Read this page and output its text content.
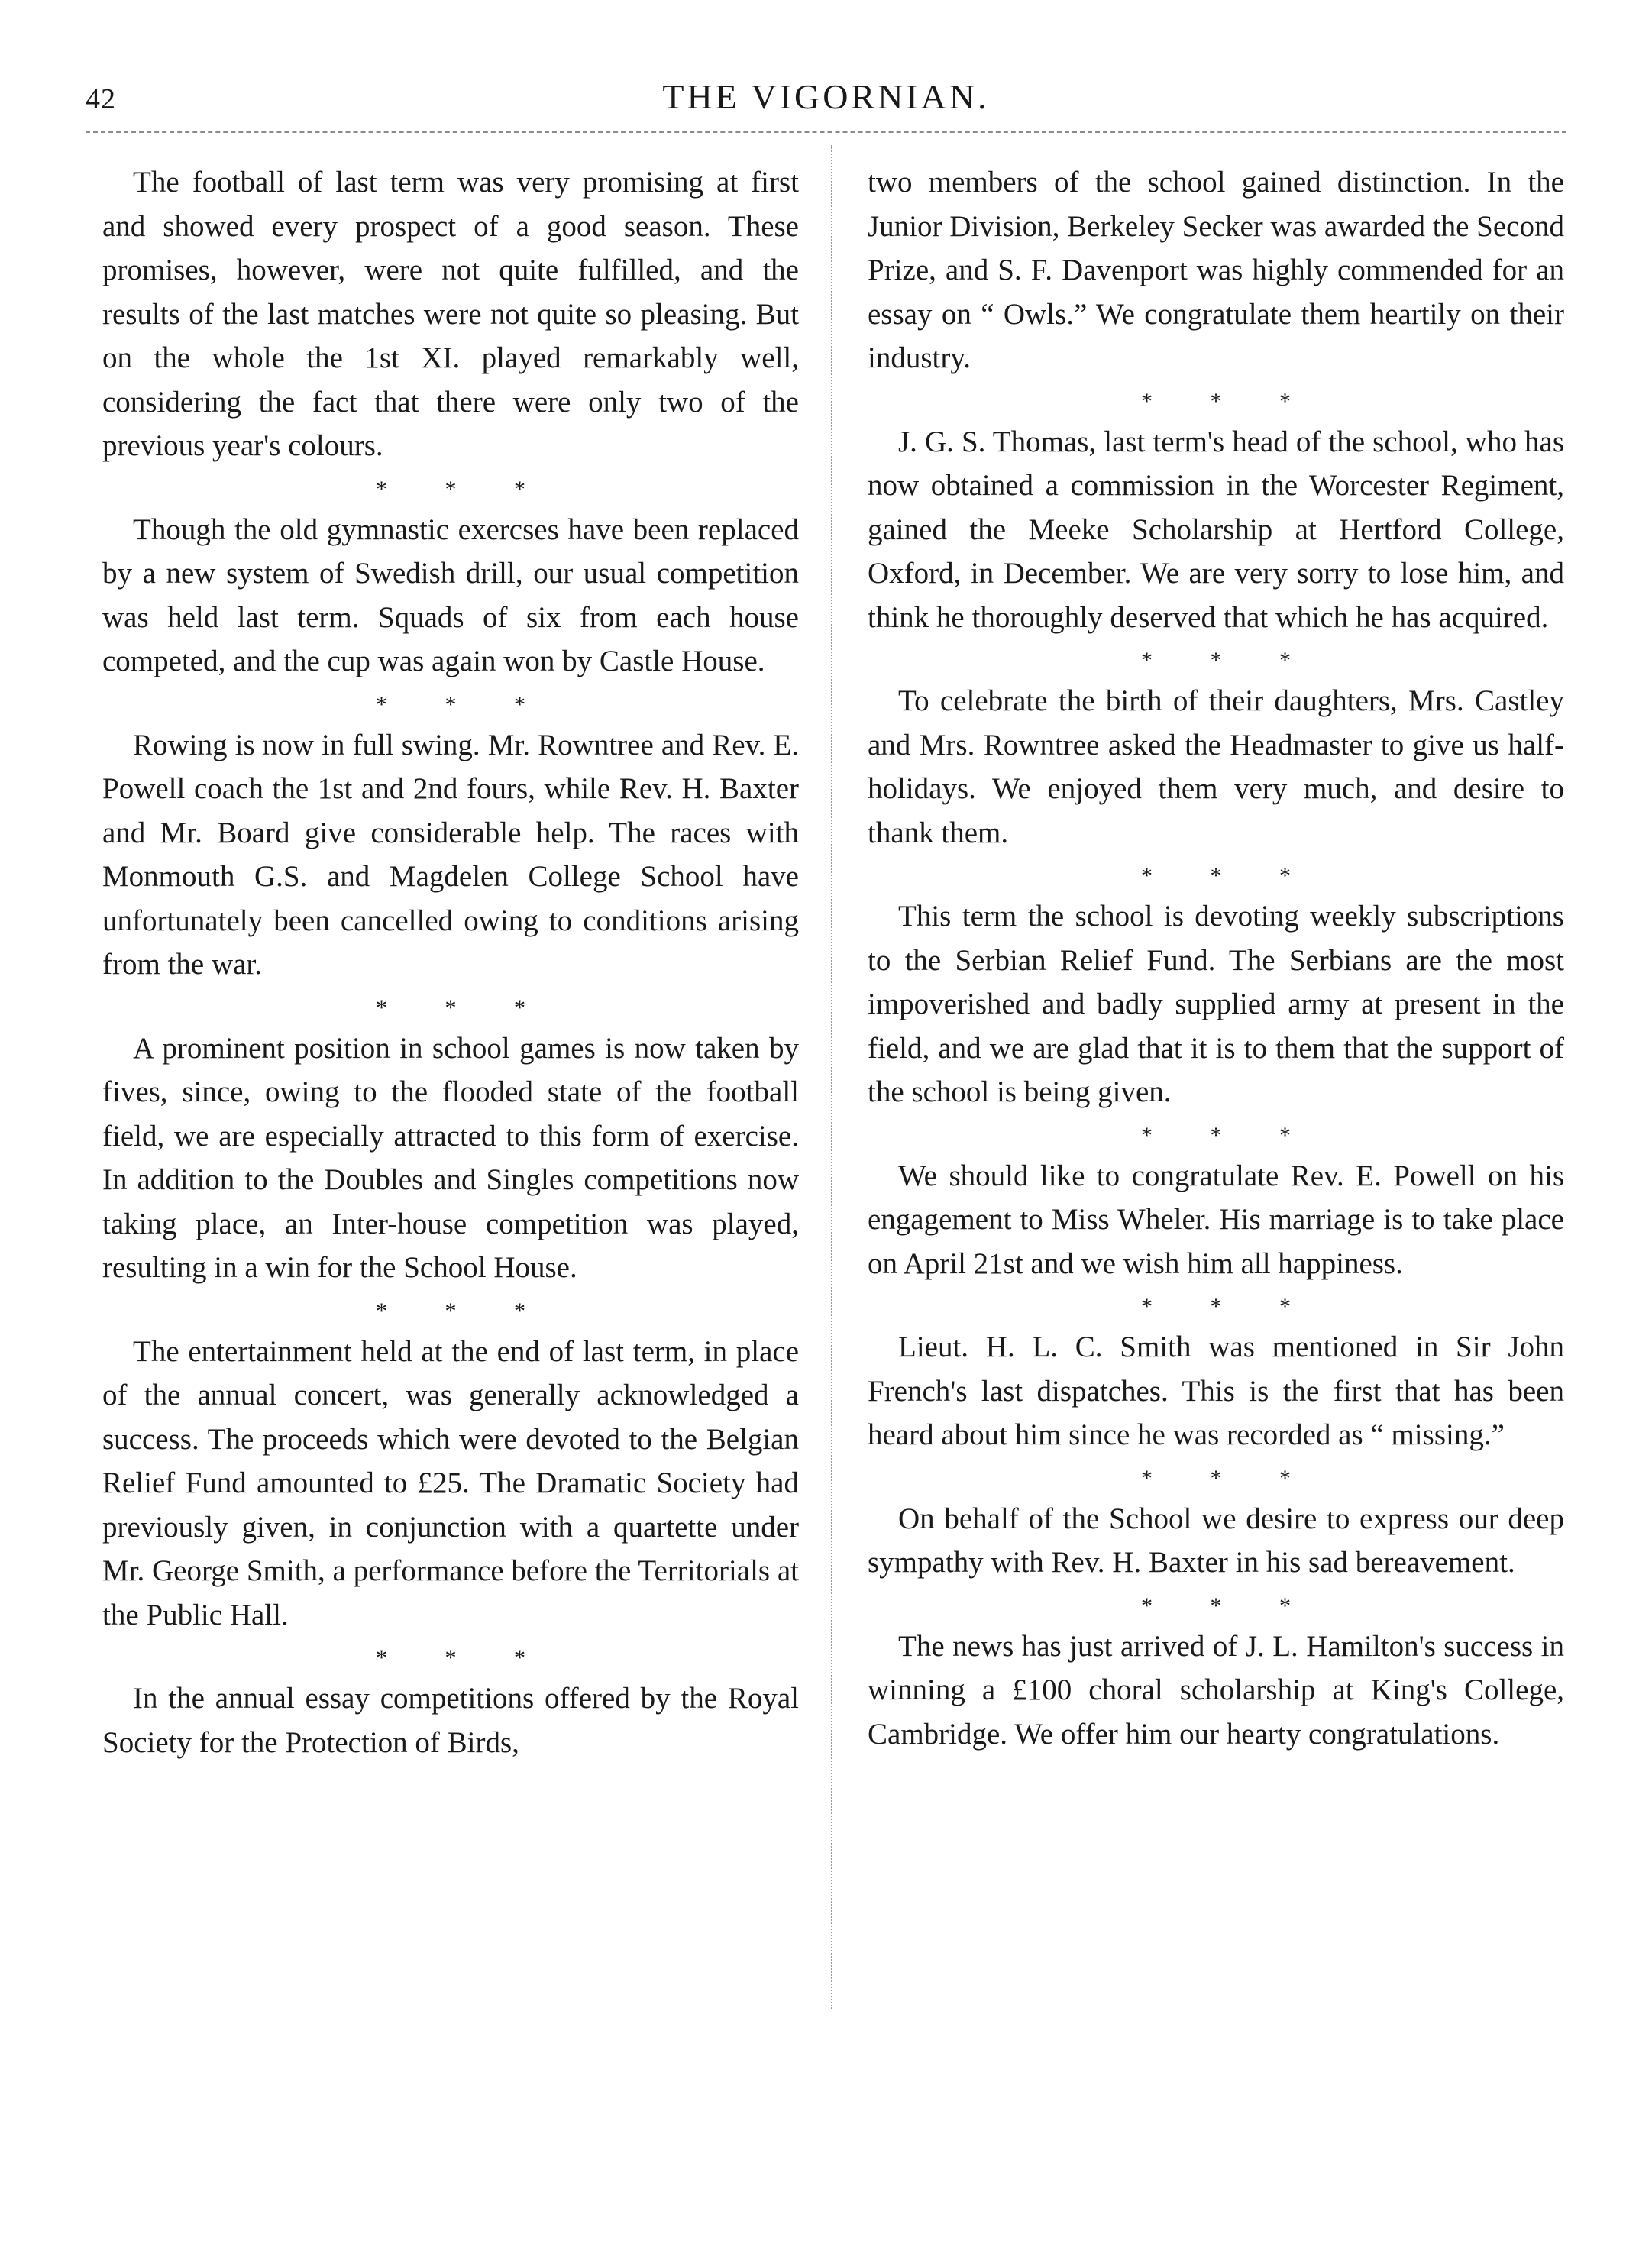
42	THE VIGORNIAN.

The football of last term was very promising at first and showed every prospect of a good season. These promises, however, were not quite fulfilled, and the results of the last matches were not quite so pleasing. But on the whole the 1st XI. played remarkably well, considering the fact that there were only two of the previous year's colours.

* * *

Though the old gymnastic exercses have been replaced by a new system of Swedish drill, our usual competition was held last term. Squads of six from each house competed, and the cup was again won by Castle House.

* * *

Rowing is now in full swing. Mr. Rowntree and Rev. E. Powell coach the 1st and 2nd fours, while Rev. H. Baxter and Mr. Board give considerable help. The races with Monmouth G.S. and Magdelen College School have unfortunately been cancelled owing to conditions arising from the war.

* * *

A prominent position in school games is now taken by fives, since, owing to the flooded state of the football field, we are especially attracted to this form of exercise. In addition to the Doubles and Singles competitions now taking place, an Inter-house competition was played, resulting in a win for the School House.

* * *

The entertainment held at the end of last term, in place of the annual concert, was generally acknowledged a success. The proceeds which were devoted to the Belgian Relief Fund amounted to £25. The Dramatic Society had previously given, in conjunction with a quartette under Mr. George Smith, a performance before the Territorials at the Public Hall.

* * *

In the annual essay competitions offered by the Royal Society for the Protection of Birds,

two members of the school gained distinction. In the Junior Division, Berkeley Secker was awarded the Second Prize, and S. F. Davenport was highly commended for an essay on “ Owls.” We congratulate them heartily on their industry.

* * *

J. G. S. Thomas, last term's head of the school, who has now obtained a commission in the Worcester Regiment, gained the Meeke Scholarship at Hertford College, Oxford, in December. We are very sorry to lose him, and think he thoroughly deserved that which he has acquired.

* * *

To celebrate the birth of their daughters, Mrs. Castley and Mrs. Rowntree asked the Headmaster to give us half-holidays. We enjoyed them very much, and desire to thank them.

* * *

This term the school is devoting weekly subscriptions to the Serbian Relief Fund. The Serbians are the most impoverished and badly supplied army at present in the field, and we are glad that it is to them that the support of the school is being given.

* * *

We should like to congratulate Rev. E. Powell on his engagement to Miss Wheler. His marriage is to take place on April 21st and we wish him all happiness.

* * *

Lieut. H. L. C. Smith was mentioned in Sir John French's last dispatches. This is the first that has been heard about him since he was recorded as “ missing.”

* * *

On behalf of the School we desire to express our deep sympathy with Rev. H. Baxter in his sad bereavement.

* * *

The news has just arrived of J. L. Hamilton's success in winning a £100 choral scholarship at King's College, Cambridge. We offer him our hearty congratulations.
